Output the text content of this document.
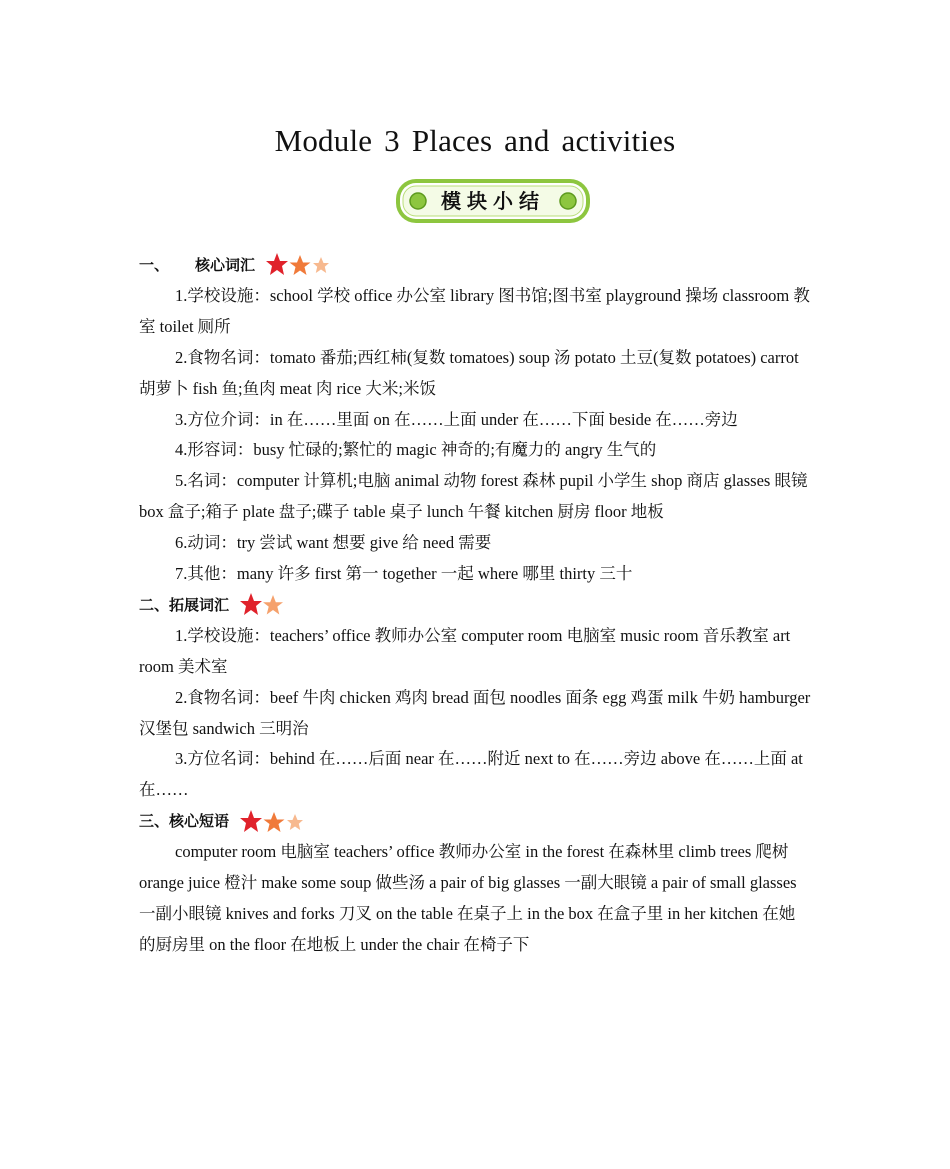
Module 3 Places and activities
模块小结
一、 核心词汇

1.学校设施：school 学校 office 办公室 library 图书馆;图书室 playground 操场 classroom 教室 toilet 厕所

2.食物名词：tomato 番茄;西红柿(复数 tomatoes) soup 汤 potato 土豆(复数 potatoes) carrot 胡萝卜 fish 鱼;鱼肉 meat 肉 rice 大米;米饭

3.方位介词：in 在……里面 on 在……上面 under 在……下面 beside 在……旁边

4.形容词：busy 忙碌的;繁忙的 magic 神奇的;有魔力的 angry 生气的

5.名词：computer 计算机;电脑 animal 动物 forest 森林 pupil 小学生 shop 商店 glasses 眼镜 box 盒子;箱子 plate 盘子;碟子 table 桌子 lunch 午餐 kitchen 厨房 floor 地板

6.动词：try 尝试 want 想要 give 给 need 需要

7.其他：many 许多 first 第一 together 一起 where 哪里 thirty 三十

二、拓展词汇

1.学校设施：teachers’ office 教师办公室 computer room 电脑室 music room 音乐教室 art room 美术室

2.食物名词：beef 牛肉 chicken 鸡肉 bread 面包 noodles 面条 egg 鸡蛋 milk 牛奶 hamburger 汉堡包 sandwich 三明治

3.方位名词：behind 在……后面 near 在……附近 next to 在……旁边 above 在……上面 at 在……

三、核心短语

computer room 电脑室 teachers’ office 教师办公室 in the forest 在森林里 climb trees 爬树 orange juice 橙汁 make some soup 做些汤 a pair of big glasses 一副大眼镜 a pair of small glasses 一副小眼镜 knives and forks 刀叉 on the table 在桌子上 in the box 在盒子里 in her kitchen 在她的厨房里 on the floor 在地板上 under the chair 在椅子下
